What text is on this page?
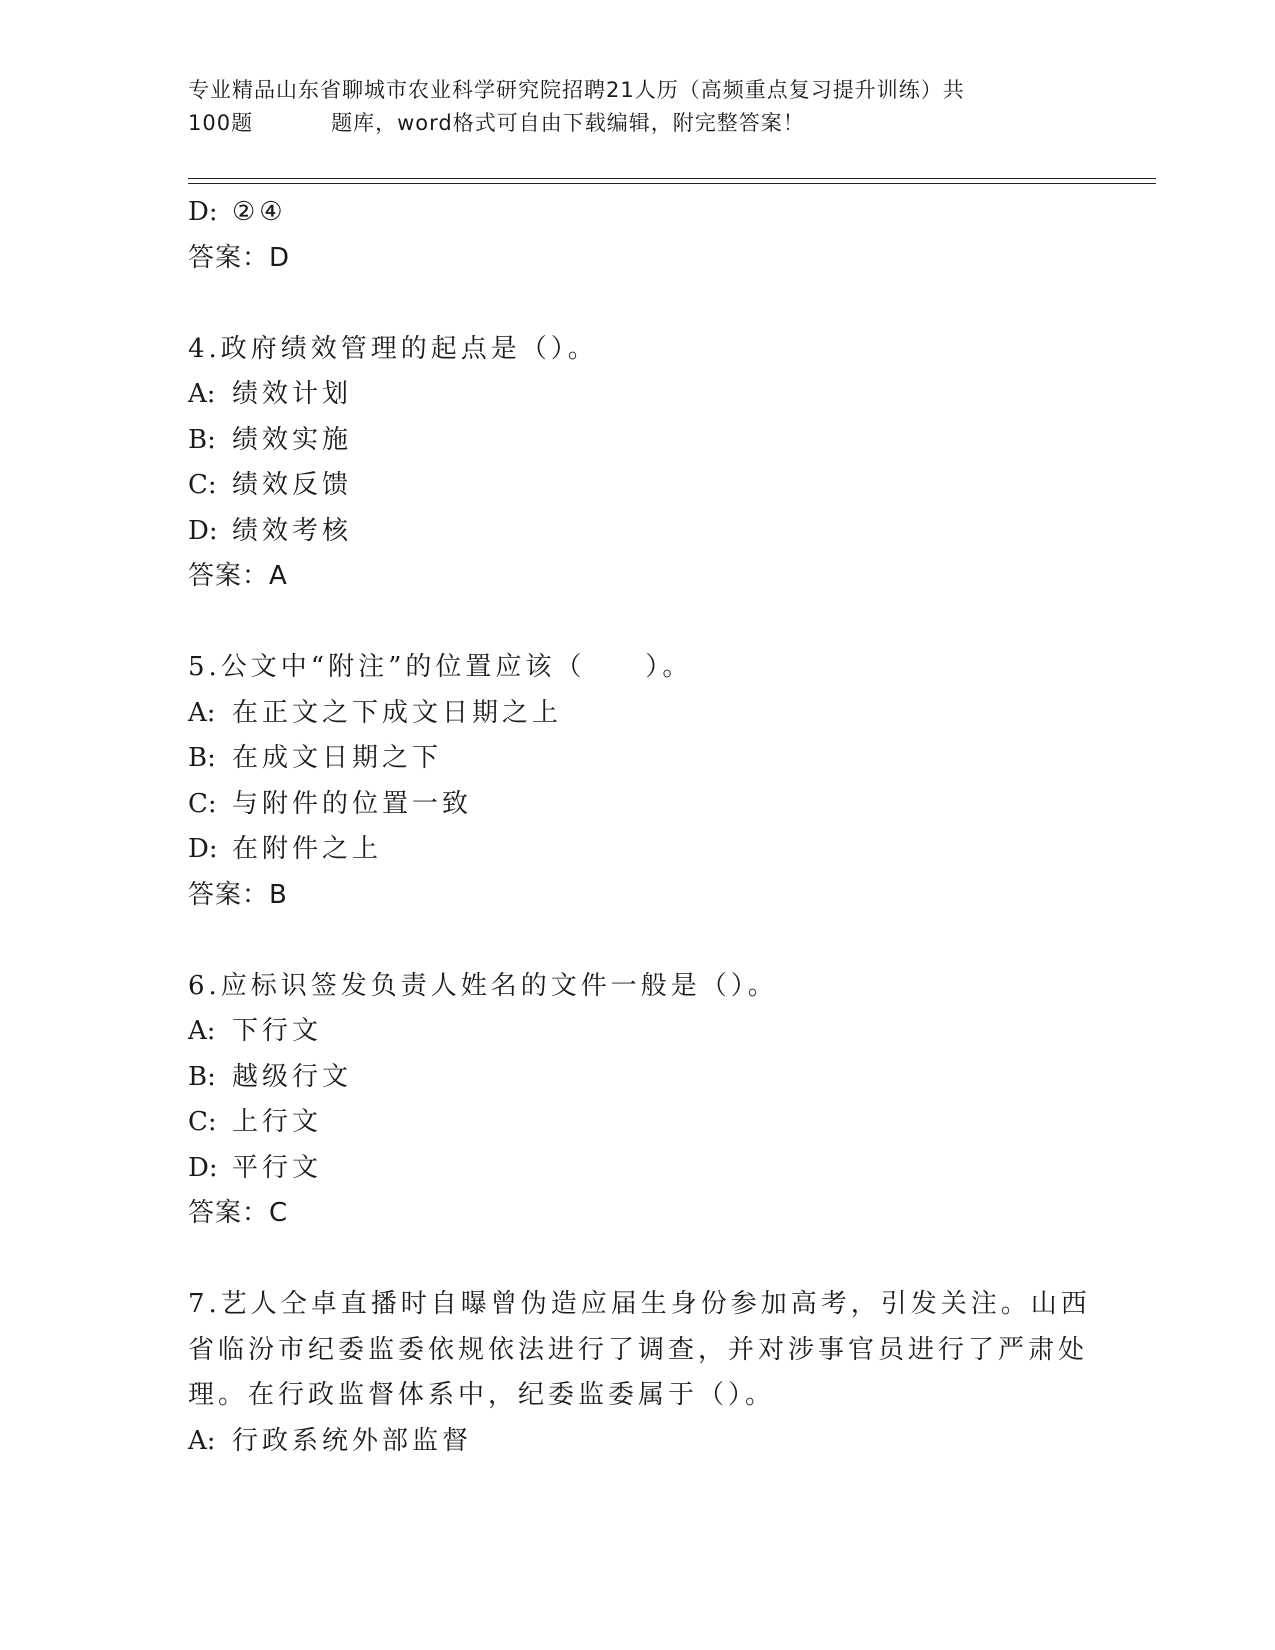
专业精品山东省聊城市农业科学研究院招聘21人历（高频重点复习提升训练）共

100题	题库，word格式可自由下载编辑，附完整答案！
D: ②④
答案：D
4.政府绩效管理的起点是（）。
A: 绩效计划
B: 绩效实施
C: 绩效反馈
D: 绩效考核
答案：A
5.公文中“附注”的位置应该（　　）。
A: 在正文之下成文日期之上
B: 在成文日期之下
C: 与附件的位置一致
D: 在附件之上
答案：B
6.应标识签发负责人姓名的文件一般是（）。
A: 下行文
B: 越级行文
C: 上行文
D: 平行文
答案：C
7.艺人仝卓直播时自曝曾伪造应届生身份参加高考，引发关注。山西
省临汾市纪委监委依规依法进行了调查，并对涉事官员进行了严肃处
理。在行政监督体系中，纪委监委属于（）。
A: 行政系统外部监督
